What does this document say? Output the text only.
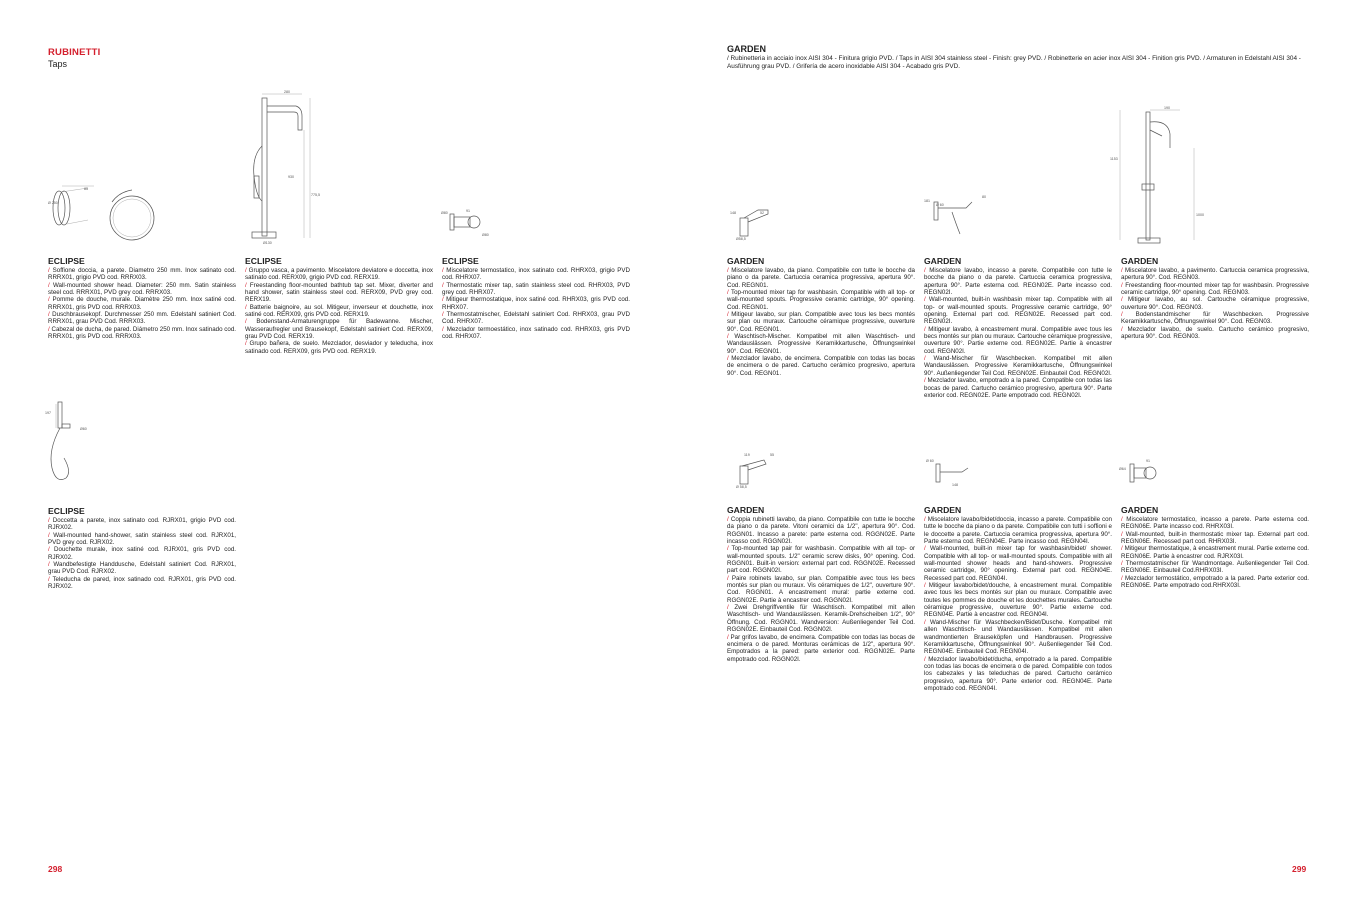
RUBINETTI
Taps
85
Ø 250
280
930
775,5
Ø130
Ø80	91
Ø80
ECLIPSE

/ Soffione doccia, a parete. Diametro 250 mm. Inox satinato cod. RRRX01, grigio PVD cod. RRRX03.

/ Wall-mounted shower head. Diameter: 250 mm. Satin stainless steel cod. RRRX01, PVD grey cod. RRRX03.

/ Pomme de douche, murale. Diamètre 250 mm. Inox satiné cod. RRRX01, gris PVD cod. RRRX03.

/ Duschbrausekopf. Durchmesser 250 mm. Edelstahl satiniert Cod. RRRX01, grau PVD Cod. RRRX03.

/ Cabezal de ducha, de pared. Diámetro 250 mm. Inox satinado cod. RRRX01, gris PVD cod. RRRX03.

ECLIPSE

/ Gruppo vasca, a pavimento. Miscelatore deviatore e doccetta, inox satinato cod. RERX09, grigio PVD cod. RERX19.

/ Freestanding floor-mounted bathtub tap set. Mixer, diverter and hand shower, satin stainless steel cod. RERX09, PVD grey cod. RERX19.

/ Batterie baignoire, au sol. Mitigeur, inverseur et douchette, inox satiné cod. RERX09, gris PVD cod. RERX19.

/ Bodenstand-Armaturengruppe für Badewanne. Mischer, Wasseraufregler und Brausekopf, Edelstahl satiniert Cod. RERX09, grau PVD Cod. RERX19.

/ Grupo bañera, de suelo. Mezclador, desviador y teleducha, inox satinado cod. RERX09, gris PVD cod. RERX19.

ECLIPSE

/ Miscelatore termostatico, inox satinato cod. RHRX03, grigio PVD cod. RHRX07.

/ Thermostatic mixer tap, satin stainless steel cod. RHRX03, PVD grey cod. RHRX07.

/ Mitigeur thermostatique, inox satiné cod. RHRX03, gris PVD cod. RHRX07.

/ Thermostatmischer, Edelstahl satiniert Cod. RHRX03, grau PVD Cod. RHRX07.

/ Mezclador termoestático, inox satinado cod. RHRX03, gris PVD cod. RHRX07.

197
Ø60
ECLIPSE

/ Doccetta a parete, inox satinato cod. RJRX01, grigio PVD cod. RJRX02.

/ Wall-mounted hand-shower, satin stainless steel cod. RJRX01, PVD grey cod. RJRX02.

/ Douchette murale, inox satiné cod. RJRX01, gris PVD cod. RJRX02.

/ Wandbefestigte Handdusche, Edelstahl satiniert Cod. RJRX01, grau PVD Cod. RJRX02.

/ Teleducha de pared, inox satinado cod. RJRX01, gris PVD cod. RJRX02.

298
GARDEN
/ Rubinetteria in acciaio inox AISI 304 - Finitura grigio PVD. / Taps in AISI 304 stainless steel - Finish: grey PVD. / Robinetterie en acier inox AISI 304 - Finition gris PVD. / Armaturen in Edelstahl AISI 304 - Ausführung grau PVD. / Grifería de acero inoxidable AISI 304 - Acabado gris PVD.
148	52
Ø58,5
181
80
Ø 60
190
1153
1000
GARDEN

/ Miscelatore lavabo, da piano. Compatibile con tutte le bocche da piano o da parete. Cartuccia ceramica progressiva, apertura 90°. Cod. REGN01.

/ Top-mounted mixer tap for washbasin. Compatible with all top- or wall-mounted spouts. Progressive ceramic cartridge, 90° opening. Cod. REGN01.

/ Mitigeur lavabo, sur plan. Compatible avec tous les becs montés sur plan ou muraux. Cartouche céramique progressive, ouverture 90°. Cod. REGN01.

/ Waschtisch-Mischer. Kompatibel mit allen Waschtisch- und Wandauslässen. Progressive Keramikkartusche, Öffnungswinkel 90°. Cod. REGN01.

/ Mezclador lavabo, de encimera. Compatible con todas las bocas de encimera o de pared. Cartucho cerámico progresivo, apertura 90°. Cod. REGN01.

GARDEN

/ Miscelatore lavabo, incasso a parete. Compatibile con tutte le bocche da piano o da parete. Cartuccia ceramica progressiva, apertura 90°. Parte esterna cod. REGN02E. Parte incasso cod. REGN02I.

/ Wall-mounted, built-in washbasin mixer tap. Compatible with all top- or wall-mounted spouts. Progressive ceramic cartridge, 90° opening. External part cod. REGN02E. Recessed part cod. REGN02I.

/ Mitigeur lavabo, à encastrement mural. Compatible avec tous les becs montés sur plan ou muraux. Cartouche céramique progressive, ouverture 90°. Partie externe cod. REGN02E. Partie à encastrer cod. REGN02I.

/ Wand-Mischer für Waschbecken. Kompatibel mit allen Wandauslässen. Progressive Keramikkartusche, Öffnungswinkel 90°. Außenliegender Teil Cod. REGN02E. Einbauteil Cod. REGN02I.

/ Mezclador lavabo, empotrado a la pared. Compatible con todas las bocas de pared. Cartucho cerámico progresivo, apertura 90°. Parte exterior cod. REGN02E. Parte empotrado cod. REGN02I.

GARDEN

/ Miscelatore lavabo, a pavimento. Cartuccia ceramica progressiva, apertura 90°. Cod. REGN03.

/ Freestanding floor-mounted mixer tap for washbasin. Progressive ceramic cartridge, 90° opening. Cod. REGN03.

/ Mitigeur lavabo, au sol. Cartouche céramique progressive, ouverture 90°. Cod. REGN03.

/ Bodenstandmischer für Waschbecken. Progressive Keramikkartusche, Öffnungswinkel 90°. Cod. REGN03.

/ Mezclador lavabo, de suelo. Cartucho cerámico progresivo, apertura 90°. Cod. REGN03.

119	55
Ø 58,5
Ø 60
148
Ø64
91
GARDEN

/ Coppia rubinetti lavabo, da piano. Compatibile con tutte le bocche da piano o da parete. Vitoni ceramici da 1/2", apertura 90°. Cod. RGGN01. Incasso a parete: parte esterna cod. RGGN02E. Parte incasso cod. RGGN02I.

/ Top-mounted tap pair for washbasin. Compatible with all top- or wall-mounted spouts. 1/2" ceramic screw disks, 90° opening. Cod. RGGN01. Built-in version: external part cod. RGGN02E. Recessed part cod. RGGN02I.

/ Paire robinets lavabo, sur plan. Compatible avec tous les becs montés sur plan ou muraux. Vis céramiques de 1/2", ouverture 90°. Cod. RGGN01. A encastrement mural: partie externe cod. RGGN02E. Partie à encastrer cod. RGGN02I.

/ Zwei Drehgriffventile für Waschtisch. Kompatibel mit allen Waschtisch- und Wandauslässen. Keramik-Drehscheiben 1/2", 90° Öffnung. Cod. RGGN01. Wandversion: Außenliegender Teil Cod. RGGN02E. Einbauteil Cod. RGGN02I.

/ Par grifos lavabo, de encimera. Compatible con todas las bocas de encimera o de pared. Monturas cerámicas de 1/2", apertura 90°. Empotrados a la pared: parte exterior cod. RGGN02E. Parte empotrado cod. RGGN02I.

GARDEN

/ Miscelatore lavabo/bidet/doccia, incasso a parete. Compatibile con tutte le bocche da piano o da parete. Compatibile con tutti i soffioni e le doccette a parete. Cartuccia ceramica progressiva, apertura 90°. Parte esterna cod. REGN04E. Parte incasso cod. REGN04I.

/ Wall-mounted, built-in mixer tap for washbasin/bidet/ shower. Compatible with all top- or wall-mounted spouts. Compatible with all wall-mounted shower heads and hand-showers. Progressive ceramic cartridge, 90° opening. External part cod. REGN04E. Recessed part cod. REGN04I.

/ Mitigeur lavabo/bidet/douche, à encastrement mural. Compatible avec tous les becs montés sur plan ou muraux. Compatible avec toutes les pommes de douche et les douchettes murales. Cartouche céramique progressive, ouverture 90°. Partie externe cod. REGN04E. Partie à encastrer cod. REGN04I.

/ Wand-Mischer für Waschbecken/Bidet/Dusche. Kompatibel mit allen Waschtisch- und Wandauslässen. Kompatibel mit allen wandmontierten Brauseköpfen und Handbrausen. Progressive Keramikkartusche, Öffnungswinkel 90°. Außenliegender Teil Cod. REGN04E. Einbauteil Cod. REGN04I.

/ Mezclador lavabo/bidet/ducha, empotrado a la pared. Compatible con todas las bocas de encimera o de pared. Compatible con todos los cabezales y las teleduchas de pared. Cartucho cerámico progresivo, apertura 90°. Parte exterior cod. REGN04E. Parte empotrado cod. REGN04I.

GARDEN

/ Miscelatore termostatico, incasso a parete. Parte esterna cod. REGN06E. Parte incasso cod. RHRX03I.

/ Wall-mounted, built-in thermostatic mixer tap. External part cod. REGN06E. Recessed part cod. RHRX03I.

/ Mitigeur thermostatique, à encastrement mural. Partie externe cod. REGN06E. Partie à encastrer cod. RJRX03I.

/ Thermostatmischer für Wandmontage. Außenliegender Teil Cod. REGN06E. Einbauteil Cod.RHRX03I.

/ Mezclador termostático, empotrado a la pared. Parte exterior cod. REGN06E. Parte empotrado cod.RHRX03I.

299
